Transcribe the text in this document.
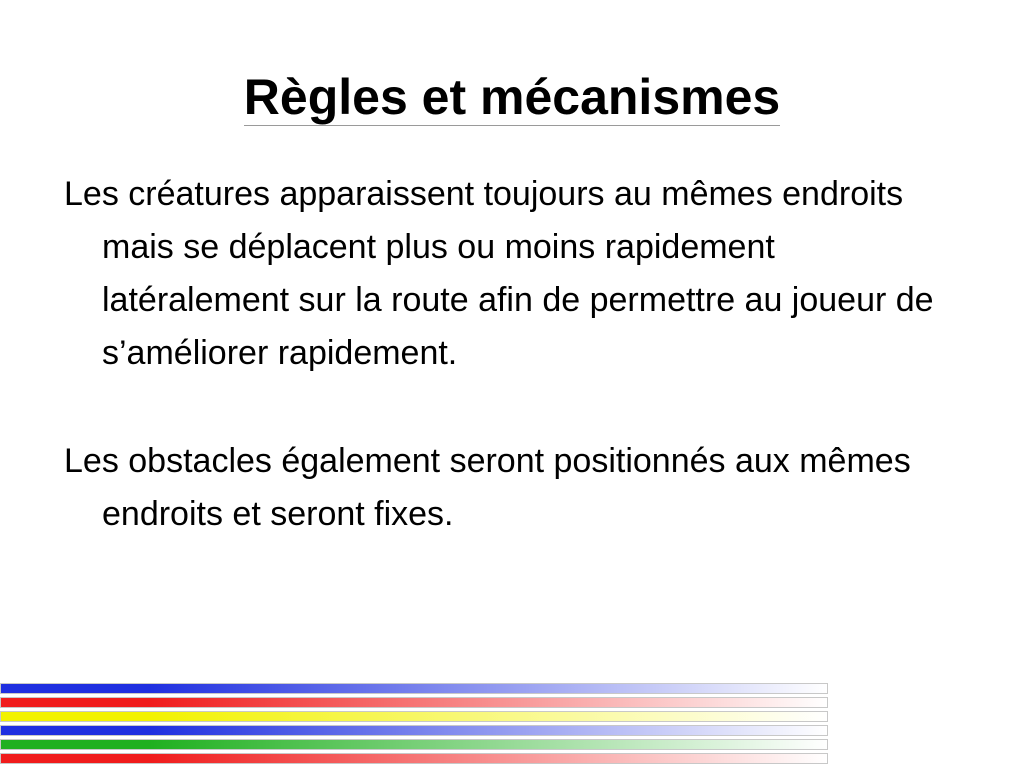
Règles et mécanismes

Les créatures apparaissent toujours au mêmes endroits mais se déplacent plus ou moins rapidement latéralement sur la route afin de permettre au joueur de s’améliorer rapidement.

Les obstacles également seront positionnés aux mêmes endroits et seront fixes.
